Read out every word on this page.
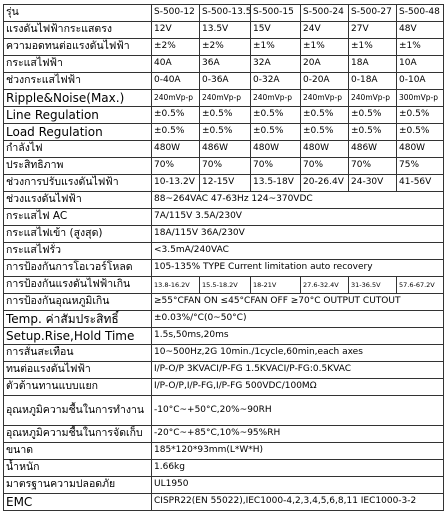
รุ่น	S-500-12	S-500-13.5	S-500-15	S-500-24	S-500-27	S-500-48
แรงดันไฟฟ้ากระแสตรง	12V	13.5V	15V	24V	27V	48V
ความอดทนต่อแรงดันไฟฟ้า	±2%	±2%	±1%	±1%	±1%	±1%
กระแสไฟฟ้า	40A	36A	32A	20A	18A	10A
ช่วงกระแสไฟฟ้า	0-40A	0-36A	0-32A	0-20A	0-18A	0-10A
Ripple&Noise(Max.)	240mVp-p	240mVp-p	240mVp-p	240mVp-p	240mVp-p	300mVp-p
Line Regulation	±0.5%	±0.5%	±0.5%	±0.5%	±0.5%	±0.5%
Load Regulation	±0.5%	±0.5%	±0.5%	±0.5%	±0.5%	±0.5%
กำลังไฟ	480W	486W	480W	480W	486W	480W
ประสิทธิภาพ	70%	70%	70%	70%	70%	75%
ช่วงการปรับแรงดันไฟฟ้า	10-13.2V	12-15V	13.5-18V	20-26.4V	24-30V	41-56V
ช่วงแรงดันไฟฟ้า	88~264VAC 47-63Hz 124~370VDC					
กระแสไฟ AC	7A/115V 3.5A/230V					
กระแสไฟเข้า (สูงสุด)	18A/115V 36A/230V					
กระแสไฟรั่ว	<3.5mA/240VAC					
การป้องกันการโอเวอร์โหลด	105-135% TYPE Current limitation auto recovery					
การป้องกันแรงดันไฟฟ้าเกิน	13.8-16.2V	15.5-18.2V	18-21V	27.6-32.4V	31-36.5V	57.6-67.2V
การป้องกันอุณหภูมิเกิน	≥55°CFAN ON ≤45°CFAN OFF ≥70°C OUTPUT CUTOUT					
Temp. ค่าสัมประสิทธิ์	±0.03%/°C(0~50°C)					
Setup.Rise,Hold Time	1.5s,50ms,20ms					
การสั่นสะเทือน	10~500Hz,2G 10min./1cycle,60min,each axes					
ทนต่อแรงดันไฟฟ้า	I/P-O/P 3KVACI/P-FG 1.5KVACI/P-FG:0.5KVAC					
ตัวต้านทานแบบแยก	I/P-O/P,I/P-FG,I/P-FG 500VDC/100MΩ					
อุณหภูมิความชื้นในการทำงาน	-10°C~+50°C,20%~90RH					
อุณหภูมิความชื้นในการจัดเก็บ	-20°C~+85°C,10%~95%RH					
ขนาด	185*120*93mm(L*W*H)					
น้ำหนัก	1.66kg					
มาตรฐานความปลอดภัย	UL1950					
EMC	CISPR22(EN 55022),IEC1000-4,2,3,4,5,6,8,11 IEC1000-3-2					
